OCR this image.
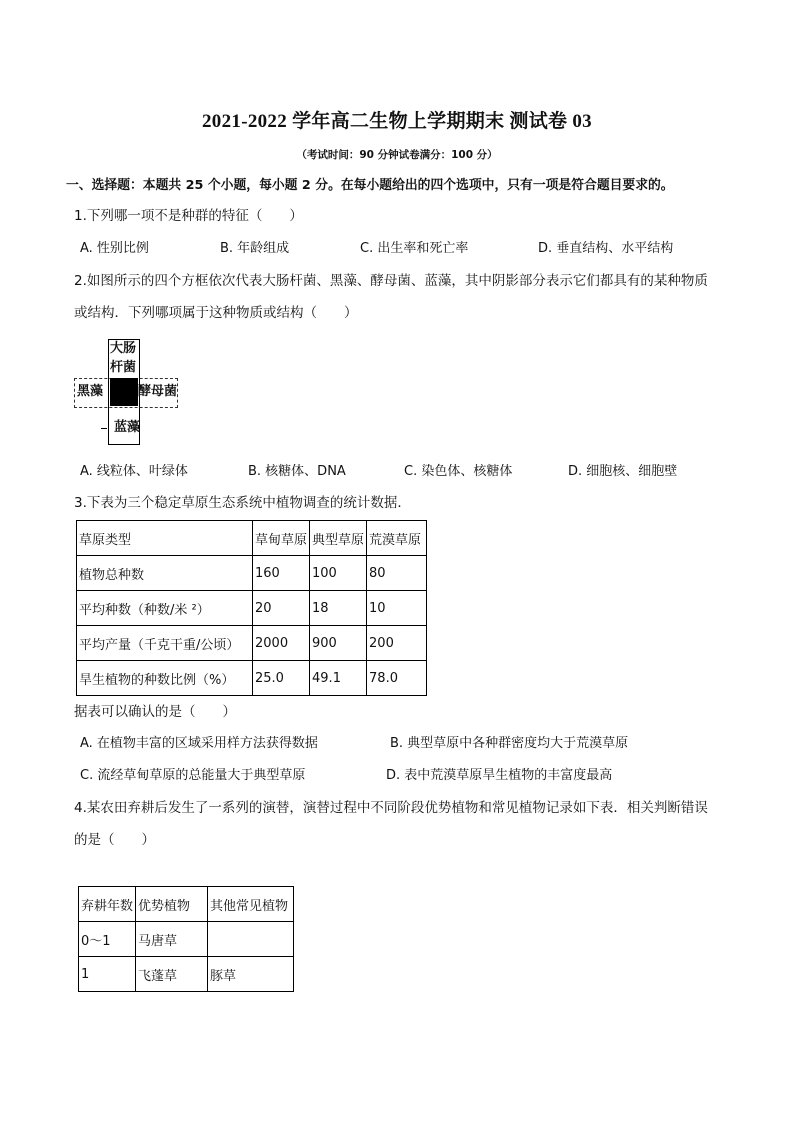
2021-2022 学年高二生物上学期期末 测试卷 03
（考试时间：90 分钟试卷满分：100 分）
一、选择题：本题共 25 个小题，每小题 2 分。在每小题给出的四个选项中，只有一项是符合题目要求的。
1.下列哪一项不是种群的特征（　　）
A. 性别比例	B. 年龄组成	C. 出生率和死亡率	D. 垂直结构、水平结构
2.如图所示的四个方框依次代表大肠杆菌、黑藻、酵母菌、蓝藻，其中阴影部分表示它们都具有的某种物质
或结构．下列哪项属于这种物质或结构（　　）
大肠
杆菌
黑藻	酵母菌
蓝藻
A. 线粒体、叶绿体	B. 核糖体、DNA	C. 染色体、核糖体	D. 细胞核、细胞壁
3.下表为三个稳定草原生态系统中植物调查的统计数据．
草原类型	草甸草原	典型草原	荒漠草原
植物总种数	160	100	80
平均种数（种数/米 ²）	20	18	10
平均产量（千克干重/公顷）	2000	900	200
旱生植物的种数比例（%）	25.0	49.1	78.0
据表可以确认的是（　　）
A. 在植物丰富的区域采用样方法获得数据	B. 典型草原中各种群密度均大于荒漠草原
C. 流经草甸草原的总能量大于典型草原	D. 表中荒漠草原旱生植物的丰富度最高
4.某农田弃耕后发生了一系列的演替，演替过程中不同阶段优势植物和常见植物记录如下表．相关判断错误
的是（　　）
弃耕年数	优势植物	其他常见植物
0～1	马唐草	
1	飞蓬草	豚草
